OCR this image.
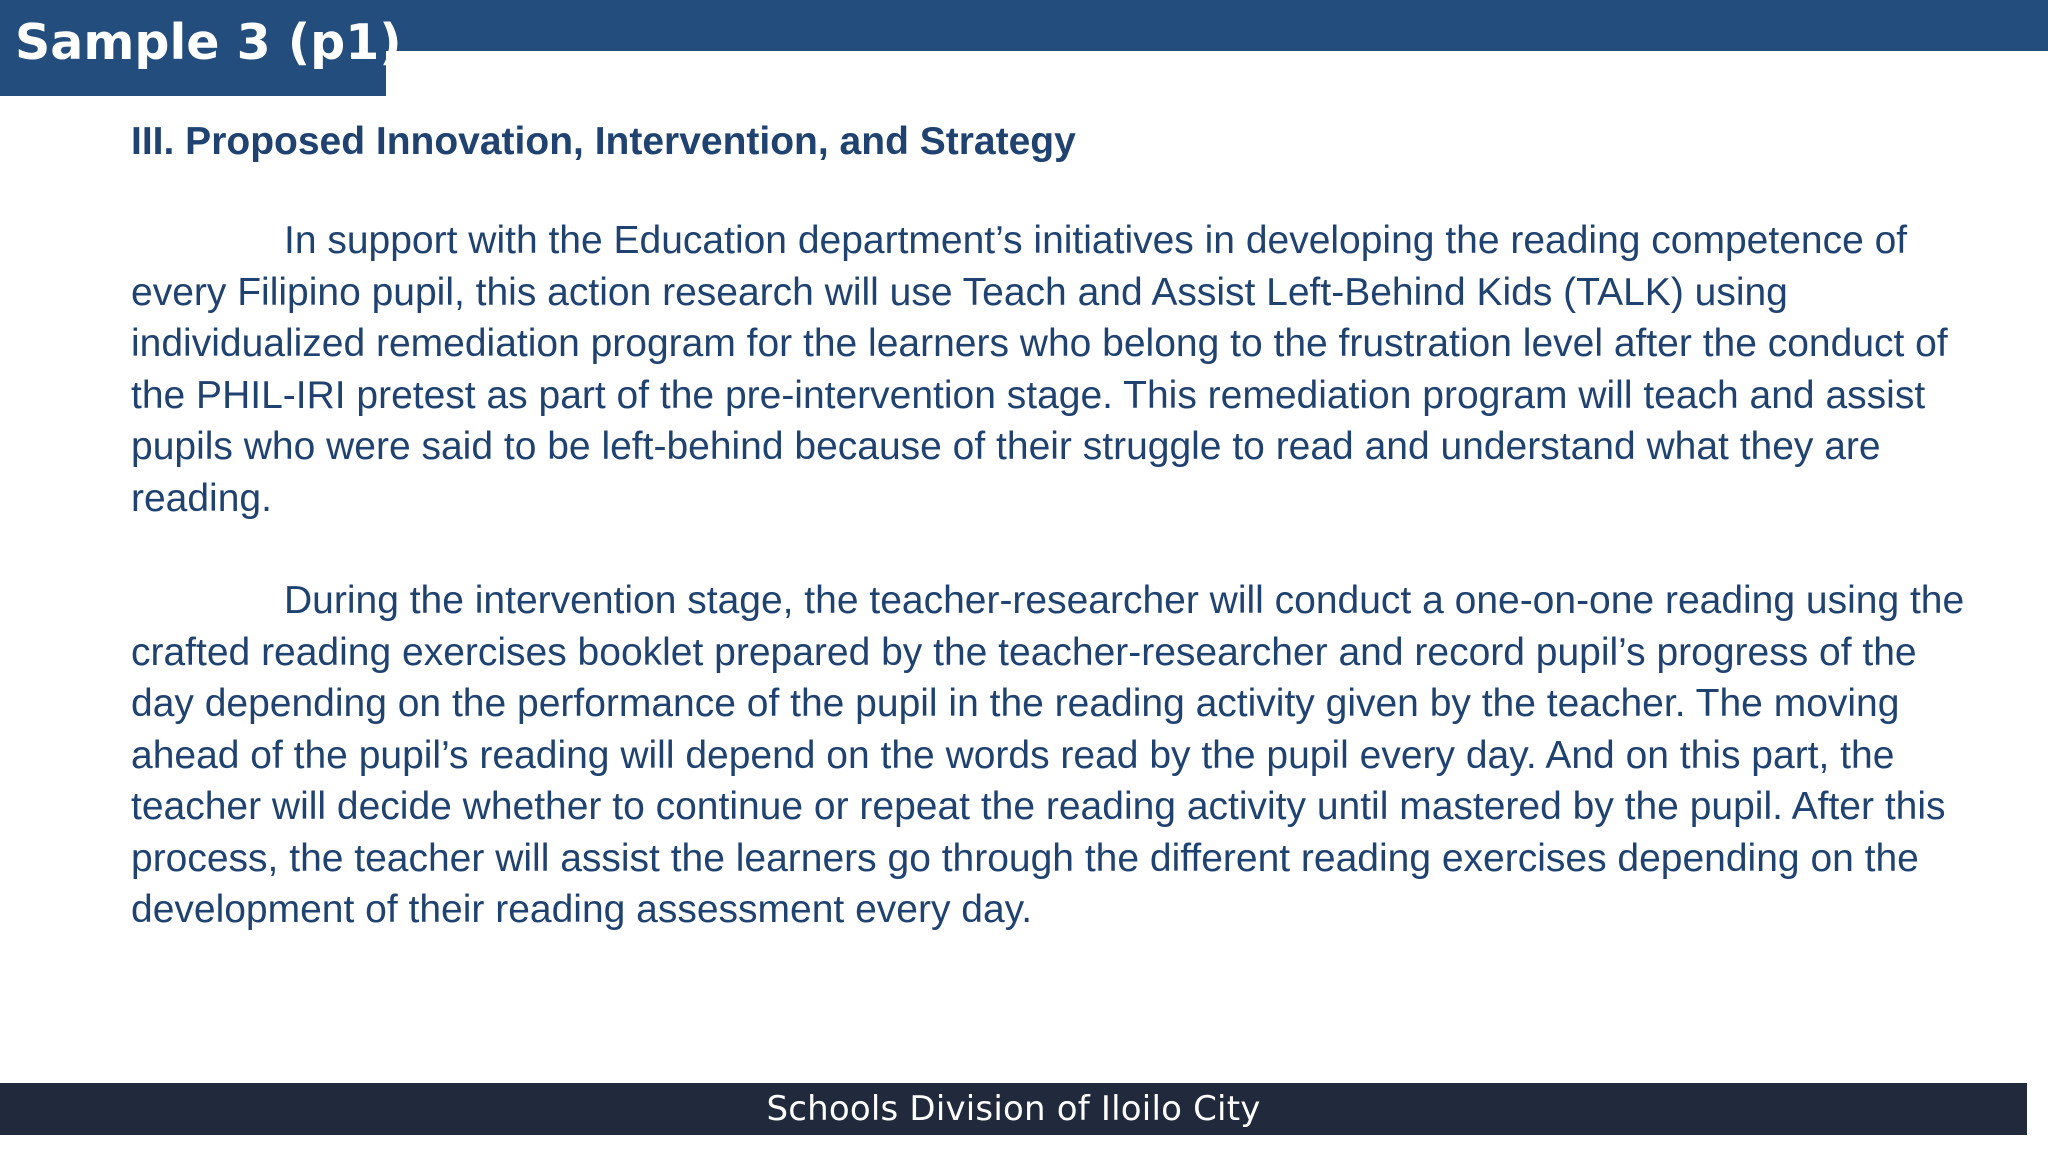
Sample 3 (p1)
III. Proposed Innovation, Intervention, and Strategy

In support with the Education department’s initiatives in developing the reading competence of every Filipino pupil, this action research will use Teach and Assist Left-Behind Kids (TALK) using individualized remediation program for the learners who belong to the frustration level after the conduct of the PHIL-IRI pretest as part of the pre-intervention stage. This remediation program will teach and assist pupils who were said to be left-behind because of their struggle to read and understand what they are reading.

During the intervention stage, the teacher-researcher will conduct a one-on-one reading using the crafted reading exercises booklet prepared by the teacher-researcher and record pupil’s progress of the day depending on the performance of the pupil in the reading activity given by the teacher. The moving ahead of the pupil’s reading will depend on the words read by the pupil every day. And on this part, the teacher will decide whether to continue or repeat the reading activity until mastered by the pupil. After this process, the teacher will assist the learners go through the different reading exercises depending on the development of their reading assessment every day.

Schools Division of Iloilo City
